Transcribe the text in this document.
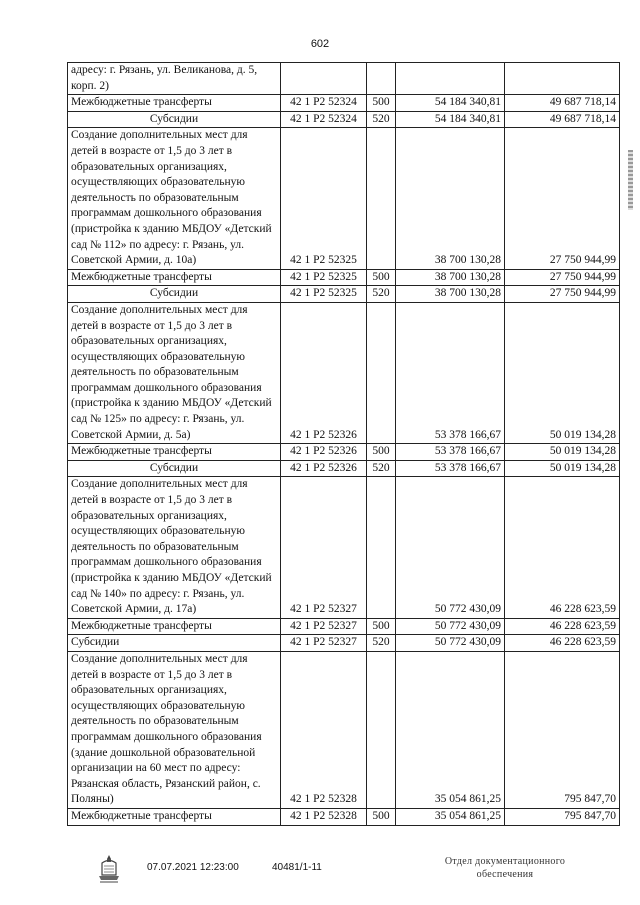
602
адресу: г. Рязань, ул. Великанова, д. 5, корп. 2)				
Межбюджетные трансферты	42 1 P2 52324	500	54 184 340,81	49 687 718,14
Субсидии	42 1 P2 52324	520	54 184 340,81	49 687 718,14
Создание дополнительных мест для детей в возрасте от 1,5 до 3 лет в образовательных организациях, осуществляющих образовательную деятельность по образовательным программам дошкольного образования (пристройка к зданию МБДОУ «Детский сад № 112» по адресу: г. Рязань, ул. Советской Армии, д. 10а)	42 1 P2 52325		38 700 130,28	27 750 944,99
Межбюджетные трансферты	42 1 P2 52325	500	38 700 130,28	27 750 944,99
Субсидии	42 1 P2 52325	520	38 700 130,28	27 750 944,99
Создание дополнительных мест для детей в возрасте от 1,5 до 3 лет в образовательных организациях, осуществляющих образовательную деятельность по образовательным программам дошкольного образования (пристройка к зданию МБДОУ «Детский сад № 125» по адресу: г. Рязань, ул. Советской Армии, д. 5а)	42 1 P2 52326		53 378 166,67	50 019 134,28
Межбюджетные трансферты	42 1 P2 52326	500	53 378 166,67	50 019 134,28
Субсидии	42 1 P2 52326	520	53 378 166,67	50 019 134,28
Создание дополнительных мест для детей в возрасте от 1,5 до 3 лет в образовательных организациях, осуществляющих образовательную деятельность по образовательным программам дошкольного образования (пристройка к зданию МБДОУ «Детский сад № 140» по адресу: г. Рязань, ул. Советской Армии, д. 17а)	42 1 P2 52327		50 772 430,09	46 228 623,59
Межбюджетные трансферты	42 1 P2 52327	500	50 772 430,09	46 228 623,59
Субсидии	42 1 P2 52327	520	50 772 430,09	46 228 623,59
Создание дополнительных мест для детей в возрасте от 1,5 до 3 лет в образовательных организациях, осуществляющих образовательную деятельность по образовательным программам дошкольного образования (здание дошкольной образовательной организации на 60 мест по адресу: Рязанская область, Рязанский район, с. Поляны)	42 1 P2 52328		35 054 861,25	795 847,70
Межбюджетные трансферты	42 1 P2 52328	500	35 054 861,25	795 847,70
07.07.2021 12:23:00	40481/1-11
Отдел документационного обеспечения
